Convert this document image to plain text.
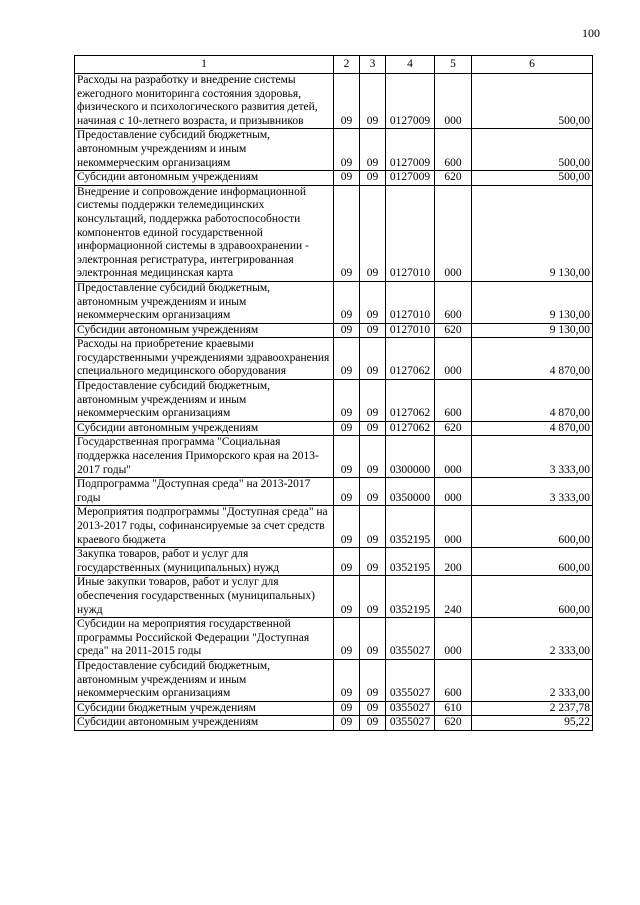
100
1	2	3	4	5	6
Расходы на разработку и внедрение системы ежегодного мониторинга состояния здоровья, физического и психологического развития детей, начиная с 10-летнего возраста, и призывников	09	09	0127009	000	500,00
Предоставление субсидий бюджетным, автономным учреждениям и иным некоммерческим организациям	09	09	0127009	600	500,00
Субсидии автономным учреждениям	09	09	0127009	620	500,00
Внедрение и сопровождение информационной системы поддержки телемедицинских консультаций, поддержка работоспособности компонентов единой государственной информационной системы в здравоохранении - электронная регистратура, интегрированная электронная медицинская карта	09	09	0127010	000	9 130,00
Предоставление субсидий бюджетным, автономным учреждениям и иным некоммерческим организациям	09	09	0127010	600	9 130,00
Субсидии автономным учреждениям	09	09	0127010	620	9 130,00
Расходы на приобретение краевыми государственными учреждениями здравоохранения специального медицинского оборудования	09	09	0127062	000	4 870,00
Предоставление субсидий бюджетным, автономным учреждениям и иным некоммерческим организациям	09	09	0127062	600	4 870,00
Субсидии автономным учреждениям	09	09	0127062	620	4 870,00
Государственная программа "Социальная поддержка населения Приморского края на 2013-2017 годы"	09	09	0300000	000	3 333,00
Подпрограмма "Доступная среда" на 2013-2017 годы	09	09	0350000	000	3 333,00
Мероприятия подпрограммы "Доступная среда" на 2013-2017 годы, софинансируемые за счет средств краевого бюджета	09	09	0352195	000	600,00
Закупка товаров, работ и услуг для государственных (муниципальных) нужд	09	09	0352195	200	600,00
Иные закупки товаров, работ и услуг для обеспечения государственных (муниципальных) нужд	09	09	0352195	240	600,00
Субсидии на мероприятия государственной программы Российской Федерации "Доступная среда" на 2011-2015 годы	09	09	0355027	000	2 333,00
Предоставление субсидий бюджетным, автономным учреждениям и иным некоммерческим организациям	09	09	0355027	600	2 333,00
Субсидии бюджетным учреждениям	09	09	0355027	610	2 237,78
Субсидии автономным учреждениям	09	09	0355027	620	95,22
